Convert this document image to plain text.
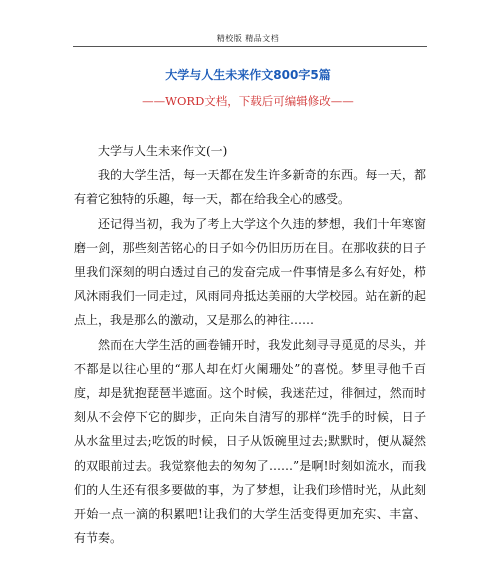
精校版 精品文档
大学与人生未来作文800字5篇
——WORD文档，下载后可编辑修改——

大学与人生未来作文(一)

我的大学生活，每一天都在发生许多新奇的东西。每一天，都有着它独特的乐趣，每一天，都在给我全心的感受。

还记得当初，我为了考上大学这个久违的梦想，我们十年寒窗磨一剑，那些刻苦铭心的日子如今仍旧历历在目。在那收获的日子里我们深刻的明白透过自己的发奋完成一件事情是多么有好处，栉风沐雨我们一同走过，风雨同舟抵达美丽的大学校园。站在新的起点上，我是那么的激动，又是那么的神往……

然而在大学生活的画卷铺开时，我发此刻寻寻觅觅的尽头，并不都是以往心里的“那人却在灯火阑珊处”的喜悦。梦里寻他千百度，却是犹抱琵琶半遮面。这个时候，我迷茫过，徘徊过，然而时刻从不会停下它的脚步，正向朱自清写的那样“洗手的时候，日子从水盆里过去;吃饭的时候，日子从饭碗里过去;默默时，便从凝然的双眼前过去。我觉察他去的匆匆了……”是啊!时刻如流水，而我们的人生还有很多要做的事，为了梦想，让我们珍惜时光，从此刻开始一点一滴的积累吧!让我们的大学生活变得更加充实、丰富、有节奏。
